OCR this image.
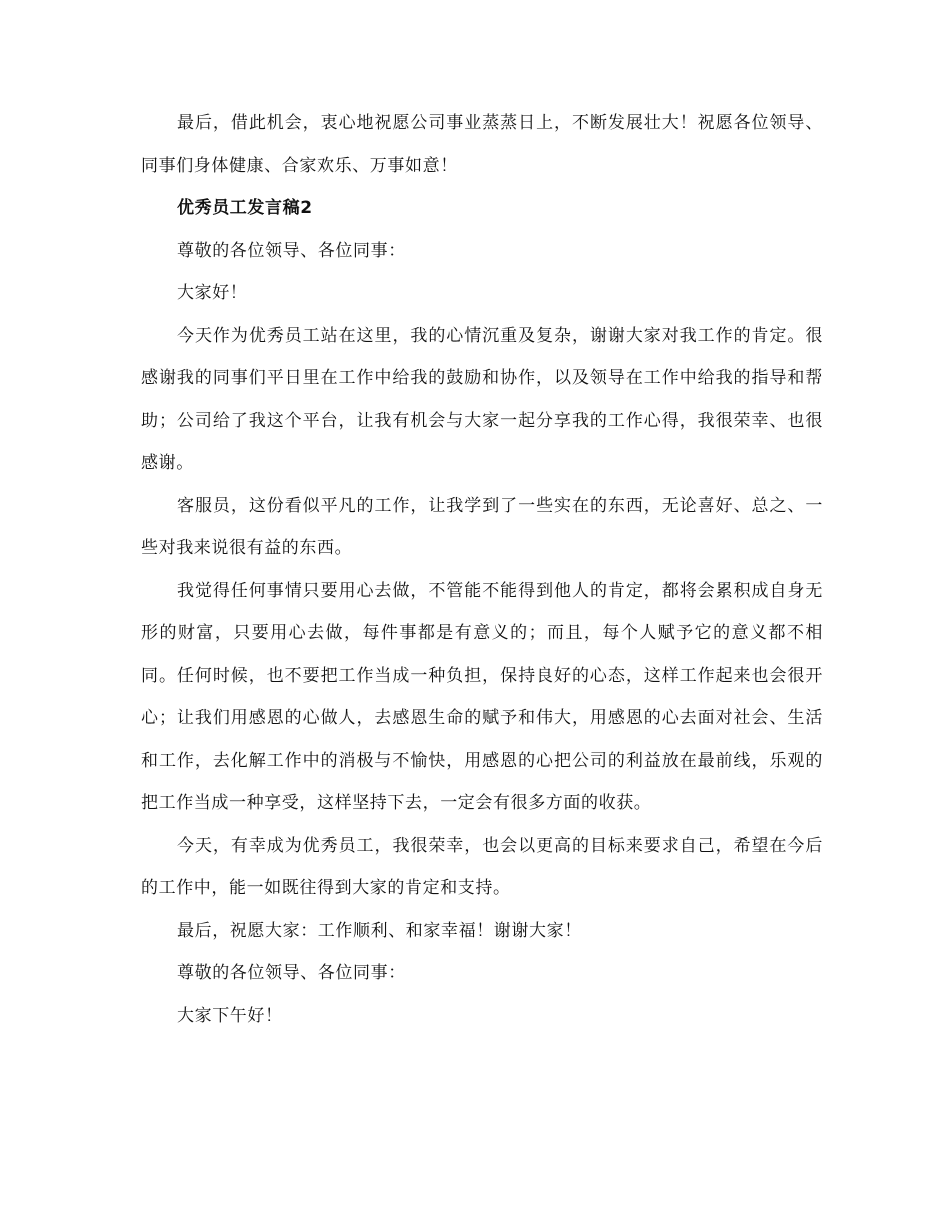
最后，借此机会，衷心地祝愿公司事业蒸蒸日上，不断发展壮大！祝愿各位领导、同事们身体健康、合家欢乐、万事如意！

优秀员工发言稿2

尊敬的各位领导、各位同事：

大家好！

今天作为优秀员工站在这里，我的心情沉重及复杂，谢谢大家对我工作的肯定。很感谢我的同事们平日里在工作中给我的鼓励和协作，以及领导在工作中给我的指导和帮助；公司给了我这个平台，让我有机会与大家一起分享我的工作心得，我很荣幸、也很感谢。

客服员，这份看似平凡的工作，让我学到了一些实在的东西，无论喜好、总之、一些对我来说很有益的东西。

我觉得任何事情只要用心去做，不管能不能得到他人的肯定，都将会累积成自身无形的财富，只要用心去做，每件事都是有意义的；而且，每个人赋予它的意义都不相同。任何时候，也不要把工作当成一种负担，保持良好的心态，这样工作起来也会很开心；让我们用感恩的心做人，去感恩生命的赋予和伟大，用感恩的心去面对社会、生活和工作，去化解工作中的消极与不愉快，用感恩的心把公司的利益放在最前线，乐观的把工作当成一种享受，这样坚持下去，一定会有很多方面的收获。

今天，有幸成为优秀员工，我很荣幸，也会以更高的目标来要求自己，希望在今后的工作中，能一如既往得到大家的肯定和支持。

最后，祝愿大家：工作顺利、和家幸福！谢谢大家！

尊敬的各位领导、各位同事：

大家下午好！
